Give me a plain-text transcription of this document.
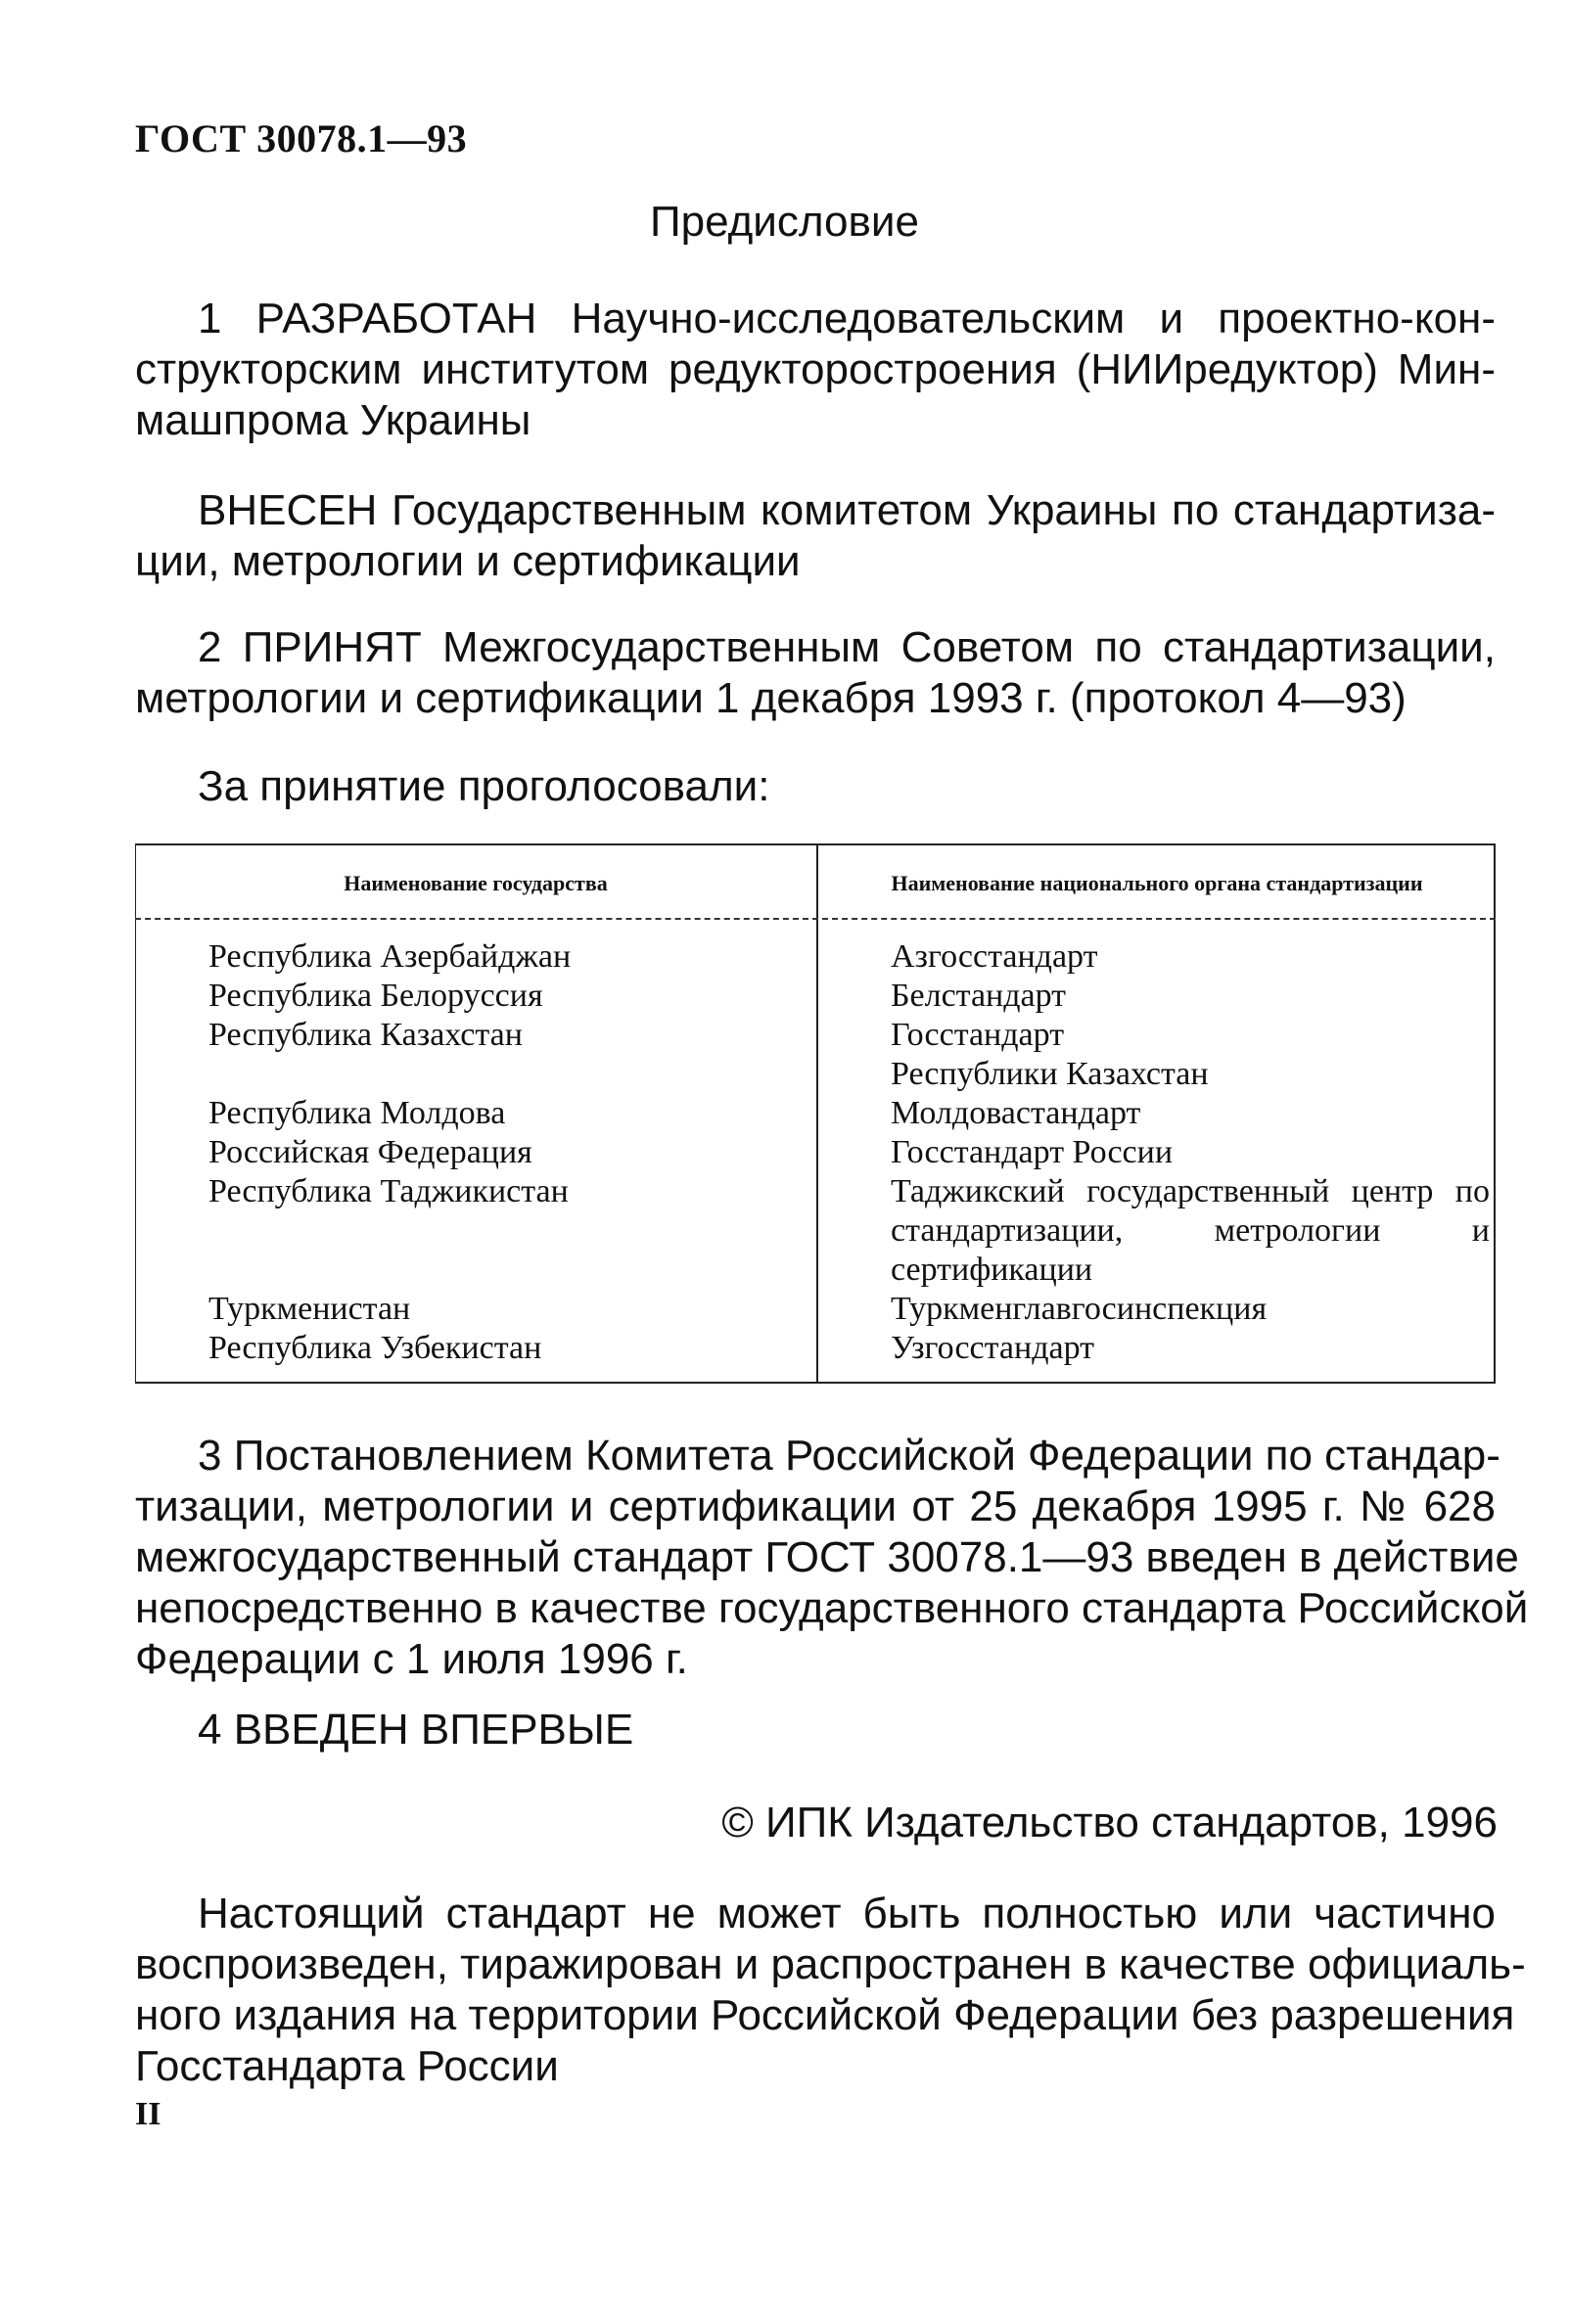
ГОСТ 30078.1—93
Предисловие
1 РАЗРАБОТАН Научно-исследовательским и проектно-кон-
структорским институтом редукторостроения (НИИредуктор) Мин-
машпрома Украины
ВНЕСЕН Государственным комитетом Украины по стандартиза-
ции, метрологии и сертификации
2 ПРИНЯТ Межгосударственным Советом по стандартизации,
метрологии и сертификации 1 декабря 1993 г. (протокол 4—93)
За принятие проголосовали:
Наименование государства	Наименование национального органа стандартизации
Республика Азербайджан	Азгосстандарт
Республика Белоруссия	Белстандарт
Республика Казахстан	Госстандарт Республики Казахстан
Республика Молдова	Молдовастандарт
Российская Федерация	Госстандарт России
Республика Таджикистан	Таджикский государственный центр по стандартизации, метрологии и сертификации
Туркменистан	Туркменглавгосинспекция
Республика Узбекистан	Узгосстандарт
3 Постановлением Комитета Российской Федерации по стандар-
тизации, метрологии и сертификации от 25 декабря 1995 г. № 628
межгосударственный стандарт ГОСТ 30078.1—93 введен в действие
непосредственно в качестве государственного стандарта Российской
Федерации с 1 июля 1996 г.
4 ВВЕДЕН ВПЕРВЫЕ
© ИПК Издательство стандартов, 1996
Настоящий стандарт не может быть полностью или частично
воспроизведен, тиражирован и распространен в качестве официаль-
ного издания на территории Российской Федерации без разрешения
Госстандарта России
II
